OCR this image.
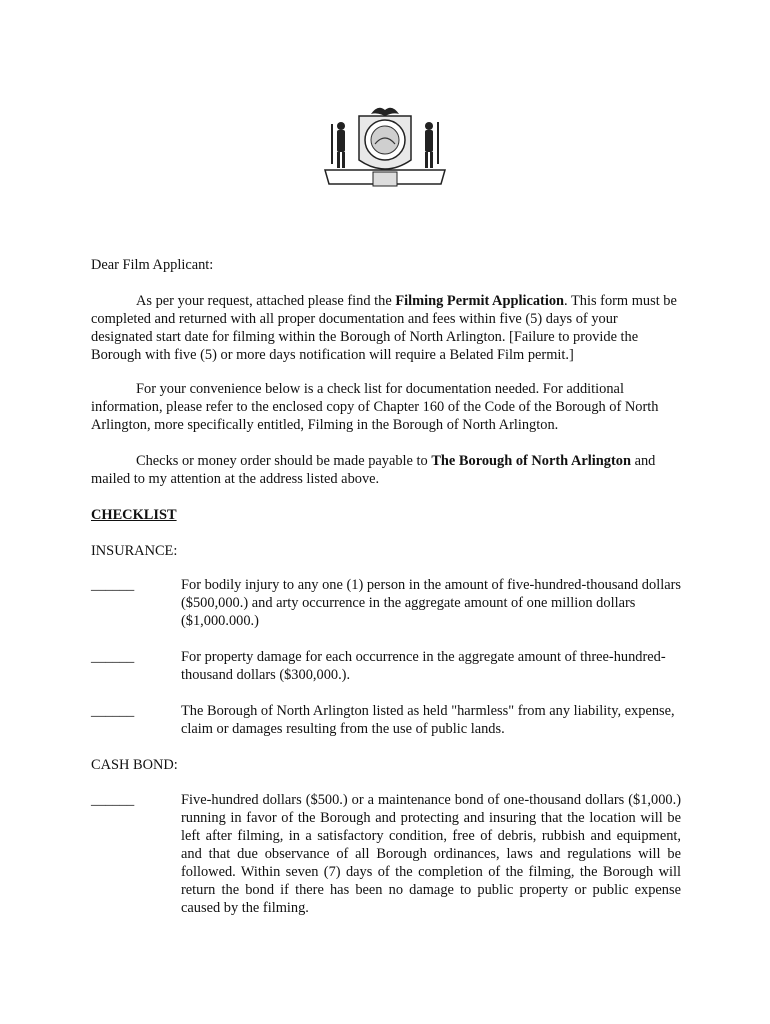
Dear Film Applicant:

As per your request, attached please find the Filming Permit Application. This form must be completed and returned with all proper documentation and fees within five (5) days of your designated start date for filming within the Borough of North Arlington. [Failure to provide the Borough with five (5) or more days notification will require a Belated Film permit.]

For your convenience below is a check list for documentation needed. For additional information, please refer to the enclosed copy of Chapter 160 of the Code of the Borough of North Arlington, more specifically entitled, Filming in the Borough of North Arlington.

Checks or money order should be made payable to The Borough of North Arlington and mailed to my attention at the address listed above.

CHECKLIST

INSURANCE:

______	For bodily injury to any one (1) person in the amount of five-hundred-thousand dollars ($500,000.) and arty occurrence in the aggregate amount of one million dollars ($1,000.000.)

______	For property damage for each occurrence in the aggregate amount of three-hundred-thousand dollars ($300,000.).

______	The Borough of North Arlington listed as held "harmless" from any liability, expense, claim or damages resulting from the use of public lands.

CASH BOND:

______	Five-hundred dollars ($500.) or a maintenance bond of one-thousand dollars ($1,000.) running in favor of the Borough and protecting and insuring that the location will be left after filming, in a satisfactory condition, free of debris, rubbish and equipment, and that due observance of all Borough ordinances, laws and regulations will be followed. Within seven (7) days of the completion of the filming, the Borough will return the bond if there has been no damage to public property or public expense caused by the filming.
